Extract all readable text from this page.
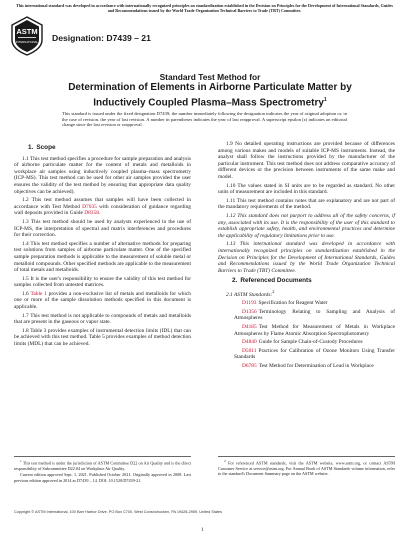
This international standard was developed in accordance with internationally recognized principles on standardization established in the Decision on Principles for the Development of International Standards, Guides and Recommendations issued by the World Trade Organization Technical Barriers to Trade (TBT) Committee.
ASTM
INTERNATIONAL Designation: D7439 – 21
Standard Test Method for
Determination of Elements in Airborne Particulate Matter by
Inductively Coupled Plasma–Mass Spectrometry$^1$
This standard is issued under the fixed designation D7439; the number immediately following the designation indicates the year of original adoption or, in the case of revision, the year of last revision. A number in parentheses indicates the year of last reapproval. A superscript epsilon (ε) indicates an editorial change since the last revision or reapproval.
1. Scope

1.1 This test method specifies a procedure for sample preparation and analysis of airborne particulate matter for the content of metals and metalloids in workplace air samples using inductively coupled plasma–mass spectrometry (ICP-MS). This test method can be used for other air samples provided the user ensures the validity of the test method by ensuring that appropriate data quality objectives can be achieved).

1.2 This test method assumes that samples will have been collected in accordance with Test Method D7035 with consideration of guidance regarding wall deposits provided in Guide D8358.

1.3 This test method should be used by analysts experienced in the use of ICP-MS, the interpretation of spectral and matrix interferences and procedures for their correction.

1.4 This test method specifies a number of alternative methods for preparing test solutions from samples of airborne particulate matter. One of the specified sample preparation methods is applicable to the measurement of soluble metal or metalloid compounds. Other specified methods are applicable to the measurement of total metals and metalloids.

1.5 It is the user's responsibility to ensure the validity of this test method for samples collected from untested matrices.

1.6 Table 1 provides a non-exclusive list of metals and metalloids for which one or more of the sample dissolution methods specified in this document is applicable.

1.7 This test method is not applicable to compounds of metals and metalloids that are present in the gaseous or vapor state.

1.8 Table 3 provides examples of instrumental detection limits (IDL) that can be achieved with this test method. Table 5 provides examples of method detection limits (MDL) that can be achieved.

1.9 No detailed operating instructions are provided because of differences among various makes and models of suitable ICP-MS instruments. Instead, the analyst shall follow the instructions provided by the manufacturer of the particular instrument. This test method does not address comparative accuracy of different devices or the precision between instruments of the same make and model.

1.10 The values stated in SI units are to be regarded as standard. No other units of measurement are included in this standard.

1.11 This test method contains notes that are explanatory and are not part of the mandatory requirements of the method.

1.12 This standard does not purport to address all of the safety concerns, if any, associated with its use. It is the responsibility of the user of this standard to establish appropriate safety, health, and environmental practices and determine the applicability of regulatory limitations prior to use.

1.13 This international standard was developed in accordance with internationally recognized principles on standardization established in the Decision on Principles for the Development of International Standards, Guides and Recommendations issued by the World Trade Organization Technical Barriers to Trade (TBT) Committee.

2. Referenced Documents

2.1 ASTM Standards:$^2$

D1193 Specification for Reagent Water

D1356 Terminology Relating to Sampling and Analysis of Atmospheres

D4185 Test Method for Measurement of Metals in Workplace Atmospheres by Flame Atomic Absorption Spectrophotometry

D4840 Guide for Sample Chain-of-Custody Procedures

D5011 Practices for Calibration of Ozone Monitors Using Transfer Standards

D6785 Test Method for Determination of Lead in Workplace

$^1$ This test method is under the jurisdiction of ASTM Committee D22 on Air Quality and is the direct responsibility of Subcommittee D22.04 on Workplace Air Quality.

Current edition approved Sept. 1, 2021. Published October 2021. Originally approved in 2008. Last previous edition approved in 2014 as D7439 – 14. DOI: 10.1520/D7439-21.

$^2$ For referenced ASTM standards, visit the ASTM website, www.astm.org, or contact ASTM Customer Service at service@astm.org. For Annual Book of ASTM Standards volume information, refer to the standard's Document Summary page on the ASTM website.

Copyright © ASTM International, 100 Barr Harbor Drive, PO Box C700, West Conshohocken, PA 19428-2959. United States
1
